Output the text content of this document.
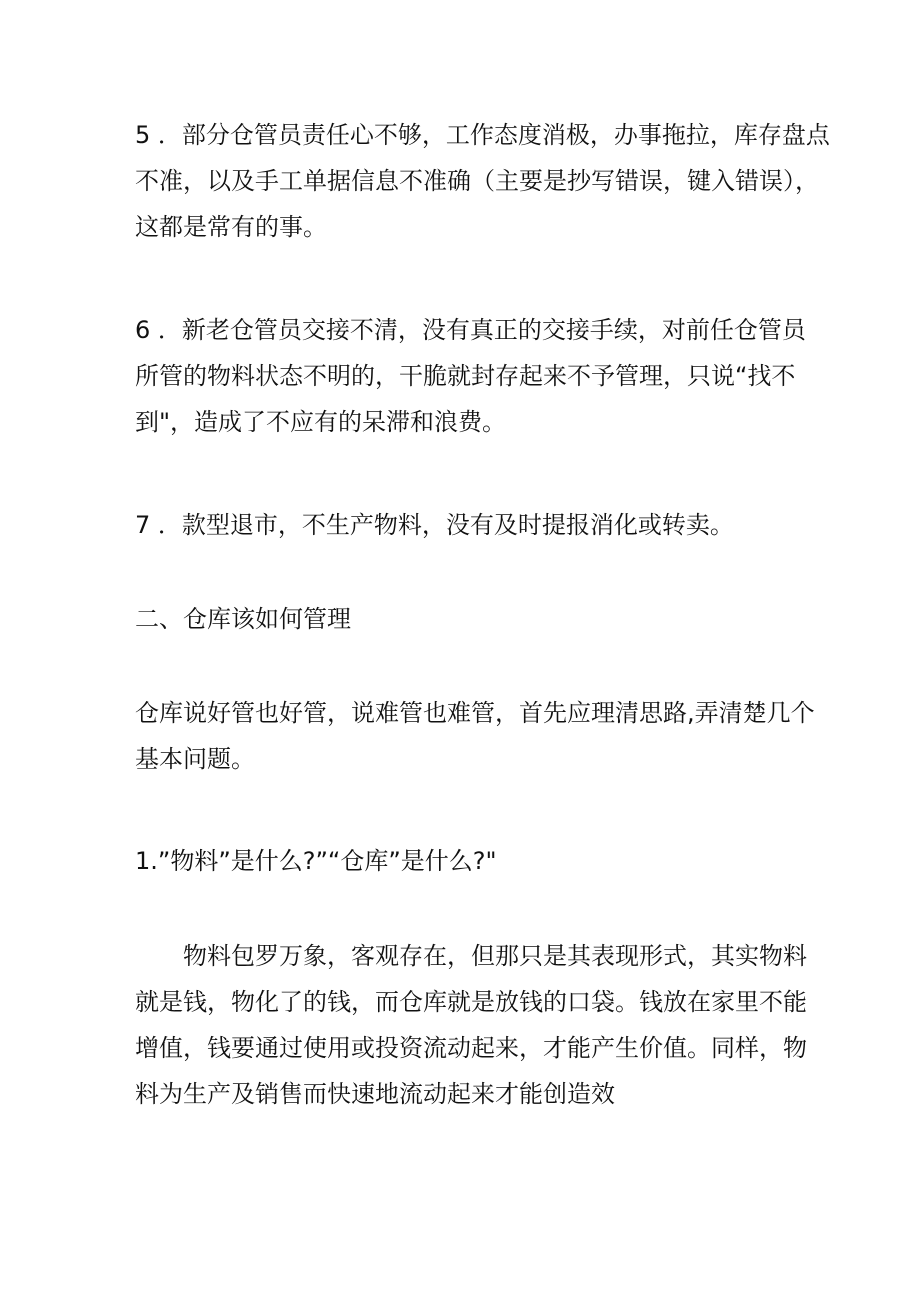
5 ．部分仓管员责任心不够，工作态度消极，办事拖拉，库存盘点
不准，以及手工单据信息不准确（主要是抄写错误，键入错误），
这都是常有的事。

6 ．新老仓管员交接不清，没有真正的交接手续，对前任仓管员
所管的物料状态不明的，干脆就封存起来不予管理，只说“找不
到"，造成了不应有的呆滞和浪费。

7 ．款型退市，不生产物料，没有及时提报消化或转卖。

二、仓库该如何管理

仓库说好管也好管，说难管也难管，首先应理清思路,弄清楚几个
基本问题。

1.”物料”是什么?”“仓库”是什么?"

　　物料包罗万象，客观存在，但那只是其表现形式，其实物料
就是钱，物化了的钱，而仓库就是放钱的口袋。钱放在家里不能
增值，钱要通过使用或投资流动起来，才能产生价值。同样，物
料为生产及销售而快速地流动起来才能创造效
